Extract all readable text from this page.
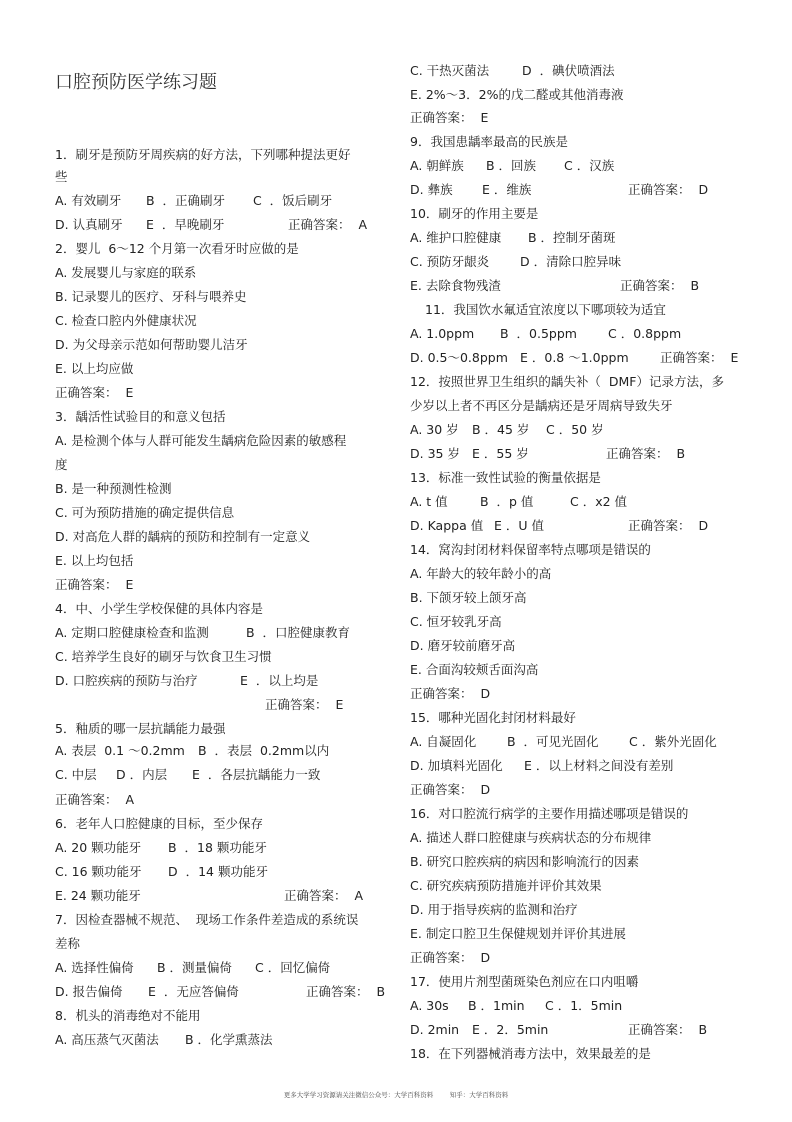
口腔预防医学练习题
1．刷牙是预防牙周疾病的好方法，下列哪种提法更好
些
A. 有效刷牙 B  ．正确刷牙 C  ．饭后刷牙
D. 认真刷牙 E  ．早晚刷牙	正确答案：  A
2．婴儿  6～12 个月第一次看牙时应做的是
A. 发展婴儿与家庭的联系
B. 记录婴儿的医疗、牙科与喂养史
C. 检查口腔内外健康状况
D. 为父母亲示范如何帮助婴儿洁牙
E. 以上均应做
正确答案：  E
3．龋活性试验目的和意义包括
A. 是检测个体与人群可能发生龋病危险因素的敏感程
度
B. 是一种预测性检测
C. 可为预防措施的确定提供信息
D. 对高危人群的龋病的预防和控制有一定意义
E. 以上均包括
正确答案：  E
4．中、小学生学校保健的具体内容是
A. 定期口腔健康检查和监测	B  ．口腔健康教育
C. 培养学生良好的刷牙与饮食卫生习惯
D. 口腔疾病的预防与治疗	E  ．以上均是
正确答案：  E
5．釉质的哪一层抗龋能力最强
A. 表层  0.1 ～0.2mm B  ．表层  0.2mm以内
C. 中层 D ．内层 E  ．各层抗龋能力一致
正确答案：  A
6．老年人口腔健康的目标，至少保存
A. 20 颗功能牙 B  ．18 颗功能牙
C. 16 颗功能牙 D  ．14 颗功能牙
E. 24 颗功能牙	正确答案：  A
7．因检查器械不规范、  现场工作条件差造成的系统误
差称
A. 选择性偏倚 B ．测量偏倚 C ．回忆偏倚
D. 报告偏倚 E  ．无应答偏倚	正确答案：  B
8．机头的消毒绝对不能用
A. 高压蒸气灭菌法 B ．化学熏蒸法
C. 干热灭菌法	D  ．碘伏喷酒法
E. 2%～3．2%的戊二醛或其他消毒液
正确答案：  E
9．我国患龋率最高的民族是
A. 朝鲜族 B ．回族 C ．汉族
D. 彝族 E ．维族	正确答案：  D
10．刷牙的作用主要是
A. 维护口腔健康 B ．控制牙菌斑
C. 预防牙龈炎 D ．清除口腔异味
E. 去除食物残渣	正确答案：  B
11．我国饮水氟适宜浓度以下哪项较为适宜
A. 1.0ppm B  ．0.5ppm C ．0.8ppm
D. 0.5～0.8ppm E ．0.8 ～1.0ppm	正确答案：  E
12．按照世界卫生组织的龋失补（  DMF）记录方法，多
少岁以上者不再区分是龋病还是牙周病导致失牙
A. 30 岁 B ．45 岁 C ．50 岁
D. 35 岁 E ．55 岁	正确答案：  B
13．标准一致性试验的衡量依据是
A. t 值	B  ．p 值	C ．x2 值
D. Kappa 值 E ．U 值	正确答案：  D
14．窝沟封闭材料保留率特点哪项是错误的
A. 年龄大的较年龄小的高
B. 下颌牙较上颌牙高
C. 恒牙较乳牙高
D. 磨牙较前磨牙高
E. 合面沟较颊舌面沟高
正确答案：  D
15．哪种光固化封闭材料最好
A. 自凝固化 B  ．可见光固化 C ．紫外光固化
D. 加填料光固化 E ．以上材料之间没有差别
正确答案：  D
16．对口腔流行病学的主要作用描述哪项是错误的
A. 描述人群口腔健康与疾病状态的分布规律
B. 研究口腔疾病的病因和影响流行的因素
C. 研究疾病预防措施并评价其效果
D. 用于指导疾病的监测和治疗
E. 制定口腔卫生保健规划并评价其进展
正确答案：  D
17．使用片剂型菌斑染色剂应在口内咀嚼
A. 30s B ．1min C ．1．5min
D. 2min E ．2．5min	正确答案：  B
18．在下列器械消毒方法中，效果最差的是
更多大学学习资源请关注微信公众号：大学百科资料        知乎：大学百科资料
